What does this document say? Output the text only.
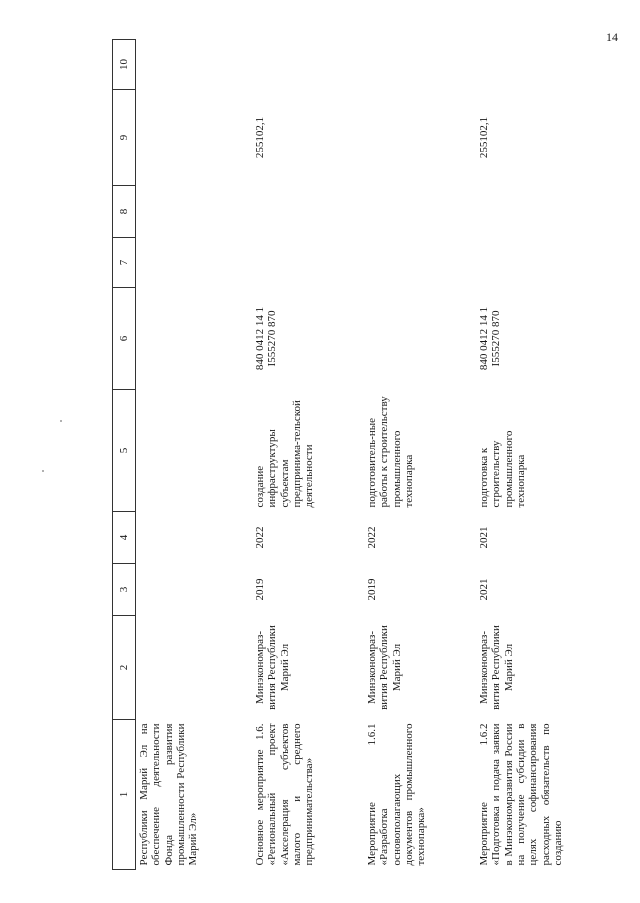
14
1	2	3	4	5	6	7	8	9	10
Республики Марий Эл на обеспечение деятельности Фонда развития промышленности Республики Марий Эл»									
Основное мероприятие 1.6. «Региональный проект «Акселерация субъектов малого и среднего предпринимательства»	Минэкономраз-вития Республики Марий Эл	2019	2022	создание инфраструктуры субъектам предпринима-тельской деятельности	840 0412 14 1 I555270 870			255102,1	
Мероприятие 1.6.1 «Разработка основополагающих документов промышленного технопарка»	Минэкономраз-вития Республики Марий Эл	2019	2022	подготовитель-ные работы к строительству промышленного технопарка					
Мероприятие 1.6.2 «Подготовка и подача заявки в Минэкономразвития России на получение субсидии в целях софинансирования расходных обязательств по созданию	Минэкономраз-вития Республики Марий Эл	2021	2021	подготовка к строительству промышленного технопарка	840 0412 14 1 I555270 870			255102,1	
